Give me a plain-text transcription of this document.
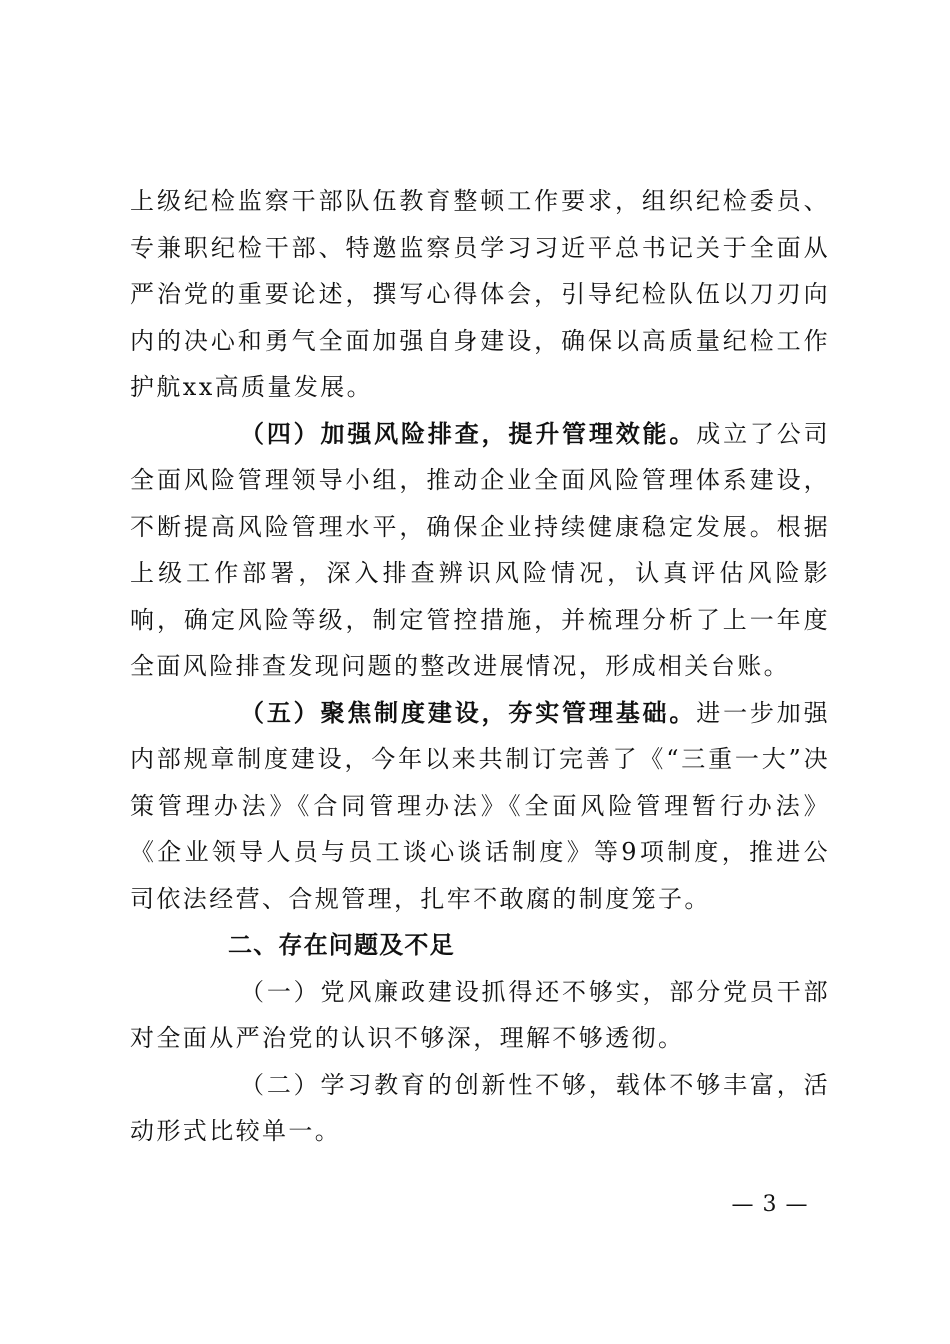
上级纪检监察干部队伍教育整顿工作要求，组织纪检委员、专兼职纪检干部、特邀监察员学习习近平总书记关于全面从严治党的重要论述，撰写心得体会，引导纪检队伍以刀刃向内的决心和勇气全面加强自身建设，确保以高质量纪检工作护航xx高质量发展。

（四）加强风险排查，提升管理效能。成立了公司全面风险管理领导小组，推动企业全面风险管理体系建设，不断提高风险管理水平，确保企业持续健康稳定发展。根据上级工作部署，深入排查辨识风险情况，认真评估风险影响，确定风险等级，制定管控措施，并梳理分析了上一年度全面风险排查发现问题的整改进展情况，形成相关台账。

（五）聚焦制度建设，夯实管理基础。进一步加强内部规章制度建设，今年以来共制订完善了《“三重一大”决策管理办法》《合同管理办法》《全面风险管理暂行办法》《企业领导人员与员工谈心谈话制度》等9项制度，推进公司依法经营、合规管理，扎牢不敢腐的制度笼子。

二、存在问题及不足

（一）党风廉政建设抓得还不够实，部分党员干部对全面从严治党的认识不够深，理解不够透彻。

（二）学习教育的创新性不够，载体不够丰富，活动形式比较单一。

— 3 —
